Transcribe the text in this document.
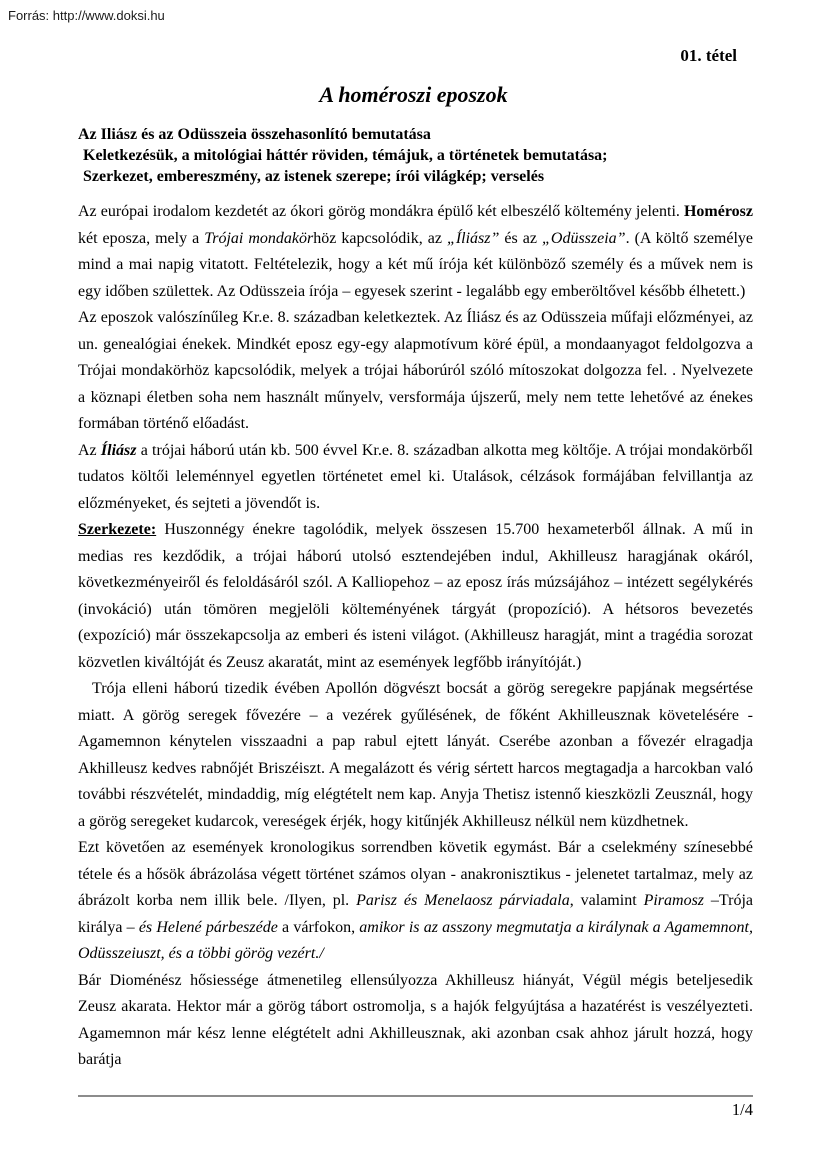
Forrás: http://www.doksi.hu
01. tétel
A homéroszi eposzok
Az Iliász és az Odüsszeia összehasonlító bemutatása
Keletkezésük, a mitológiai háttér röviden, témájuk, a történetek bemutatása;
Szerkezet, embereszmény, az istenek szerepe; írói világkép; verselés

Az európai irodalom kezdetét az ókori görög mondákra épülő két elbeszélő költemény jelenti. Homérosz két eposza, mely a Trójai mondakörhöz kapcsolódik, az „Íliász” és az „Odüsszeia”. (A költő személye mind a mai napig vitatott. Feltételezik, hogy a két mű írója két különböző személy és a művek nem is egy időben születtek. Az Odüsszeia írója – egyesek szerint - legalább egy emberöltővel később élhetett.)

Az eposzok valószínűleg Kr.e. 8. században keletkeztek. Az Íliász és az Odüsszeia műfaji előzményei, az un. genealógiai énekek. Mindkét eposz egy-egy alapmotívum köré épül, a mondaanyagot feldolgozva a Trójai mondakörhöz kapcsolódik, melyek a trójai háborúról szóló mítoszokat dolgozza fel. . Nyelvezete a köznapi életben soha nem használt műnyelv, versformája újszerű, mely nem tette lehetővé az énekes formában történő előadást.

Az Íliász a trójai háború után kb. 500 évvel Kr.e. 8. században alkotta meg költője. A trójai mondakörből tudatos költői leleménnyel egyetlen történetet emel ki. Utalások, célzások formájában felvillantja az előzményeket, és sejteti a jövendőt is.

Szerkezete: Huszonnégy énekre tagolódik, melyek összesen 15.700 hexameterből állnak. A mű in medias res kezdődik, a trójai háború utolsó esztendejében indul, Akhilleusz haragjának okáról, következményeiről és feloldásáról szól. A Kalliopehoz – az eposz írás múzsájához – intézett segélykérés (invokáció) után tömören megjelöli költeményének tárgyát (propozíció). A hétsoros bevezetés (expozíció) már összekapcsolja az emberi és isteni világot. (Akhilleusz haragját, mint a tragédia sorozat közvetlen kiváltóját és Zeusz akaratát, mint az események legfőbb irányítóját.)

Trója elleni háború tizedik évében Apollón dögvészt bocsát a görög seregekre papjának megsértése miatt. A görög seregek fővezére – a vezérek gyűlésének, de főként Akhilleusznak követelésére - Agamemnon kénytelen visszaadni a pap rabul ejtett lányát. Cserébe azonban a fővezér elragadja Akhilleusz kedves rabnőjét Briszéiszt. A megalázott és vérig sértett harcos megtagadja a harcokban való további részvételét, mindaddig, míg elégtételt nem kap. Anyja Thetisz istennő kieszközli Zeusznál, hogy a görög seregeket kudarcok, vereségek érjék, hogy kitűnjék Akhilleusz nélkül nem küzdhetnek.

Ezt követően az események kronologikus sorrendben követik egymást. Bár a cselekmény színesebbé tétele és a hősök ábrázolása végett történet számos olyan - anakronisztikus - jelenetet tartalmaz, mely az ábrázolt korba nem illik bele. /Ilyen, pl. Parisz és Menelaosz párviadala, valamint Piramosz –Trója királya – és Helené párbeszéde a várfokon, amikor is az asszony megmutatja a királynak a Agamemnont, Odüsszeiuszt, és a többi görög vezért./

Bár Dioménész hősiessége átmenetileg ellensúlyozza Akhilleusz hiányát, Végül mégis beteljesedik Zeusz akarata. Hektor már a görög tábort ostromolja, s a hajók felgyújtása a hazatérést is veszélyezteti. Agamemnon már kész lenne elégtételt adni Akhilleusznak, aki azonban csak ahhoz járult hozzá, hogy barátja

1/4
